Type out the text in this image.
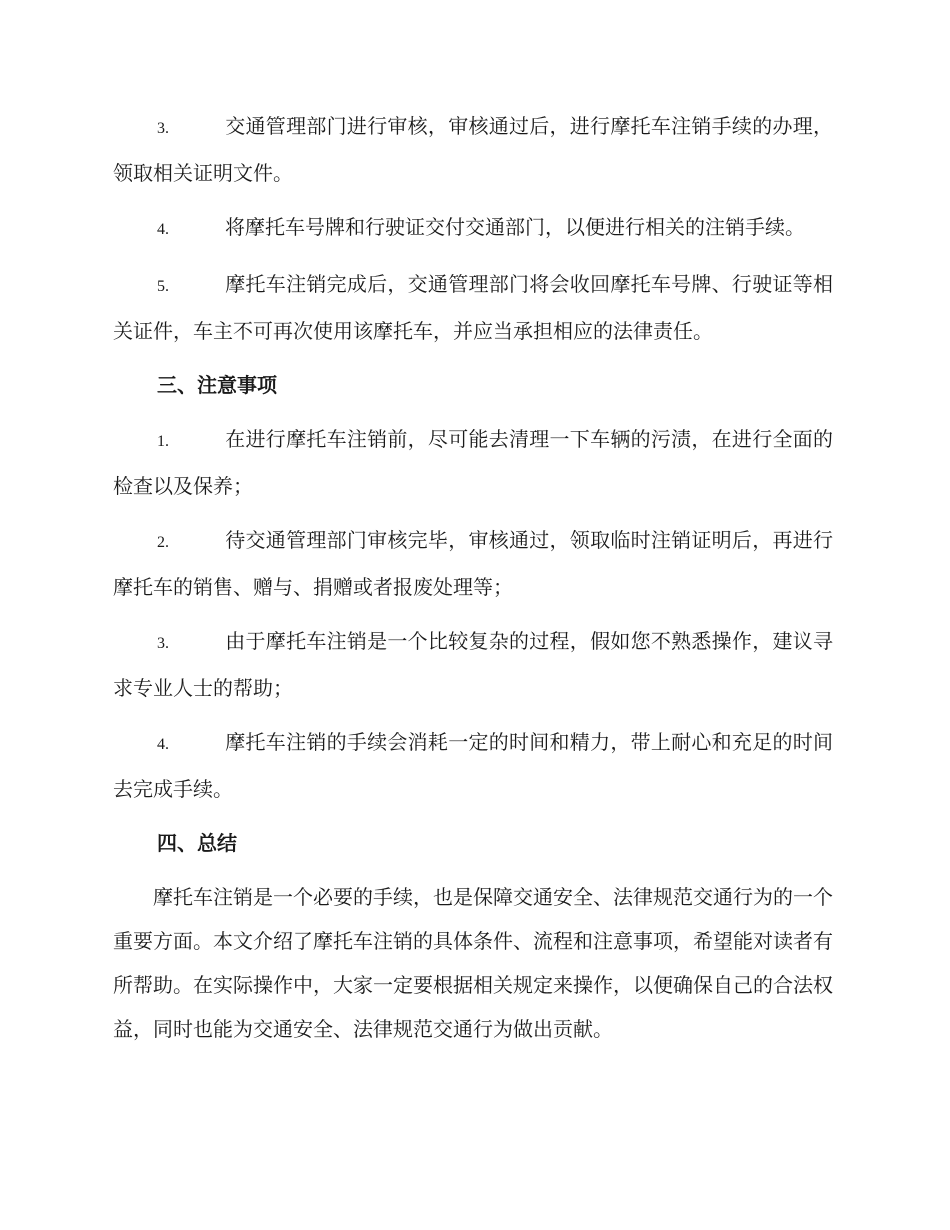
3.	交通管理部门进行审核，审核通过后，进行摩托车注销手续的办理，领取相关证明文件。
4.	将摩托车号牌和行驶证交付交通部门，以便进行相关的注销手续。
5.	摩托车注销完成后，交通管理部门将会收回摩托车号牌、行驶证等相关证件，车主不可再次使用该摩托车，并应当承担相应的法律责任。
三、注意事项
1.	在进行摩托车注销前，尽可能去清理一下车辆的污渍，在进行全面的检查以及保养；
2.	待交通管理部门审核完毕，审核通过，领取临时注销证明后，再进行摩托车的销售、赠与、捐赠或者报废处理等；
3.	由于摩托车注销是一个比较复杂的过程，假如您不熟悉操作，建议寻求专业人士的帮助；
4.	摩托车注销的手续会消耗一定的时间和精力，带上耐心和充足的时间去完成手续。
四、总结

摩托车注销是一个必要的手续，也是保障交通安全、法律规范交通行为的一个重要方面。本文介绍了摩托车注销的具体条件、流程和注意事项，希望能对读者有所帮助。在实际操作中，大家一定要根据相关规定来操作，以便确保自己的合法权益，同时也能为交通安全、法律规范交通行为做出贡献。
